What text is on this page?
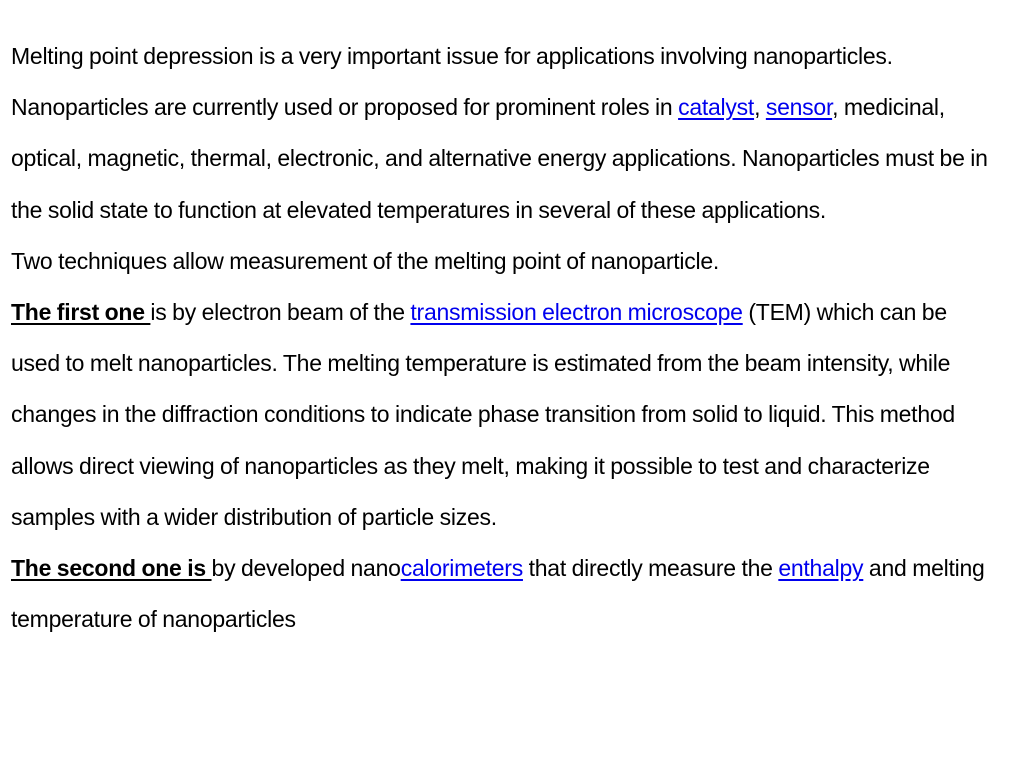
Melting point depression is a very important issue for applications involving nanoparticles. Nanoparticles are currently used or proposed for prominent roles in catalyst, sensor, medicinal, optical, magnetic, thermal, electronic, and alternative energy applications. Nanoparticles must be in the solid state to function at elevated temperatures in several of these applications.

Two techniques allow measurement of the melting point of nanoparticle.

The first one is by electron beam of the transmission electron microscope (TEM) which can be used to melt nanoparticles. The melting temperature is estimated from the beam intensity, while changes in the diffraction conditions to indicate phase transition from solid to liquid. This method allows direct viewing of nanoparticles as they melt, making it possible to test and characterize samples with a wider distribution of particle sizes.

The second one is by developed nanocalorimeters that directly measure the enthalpy and melting temperature of nanoparticles
